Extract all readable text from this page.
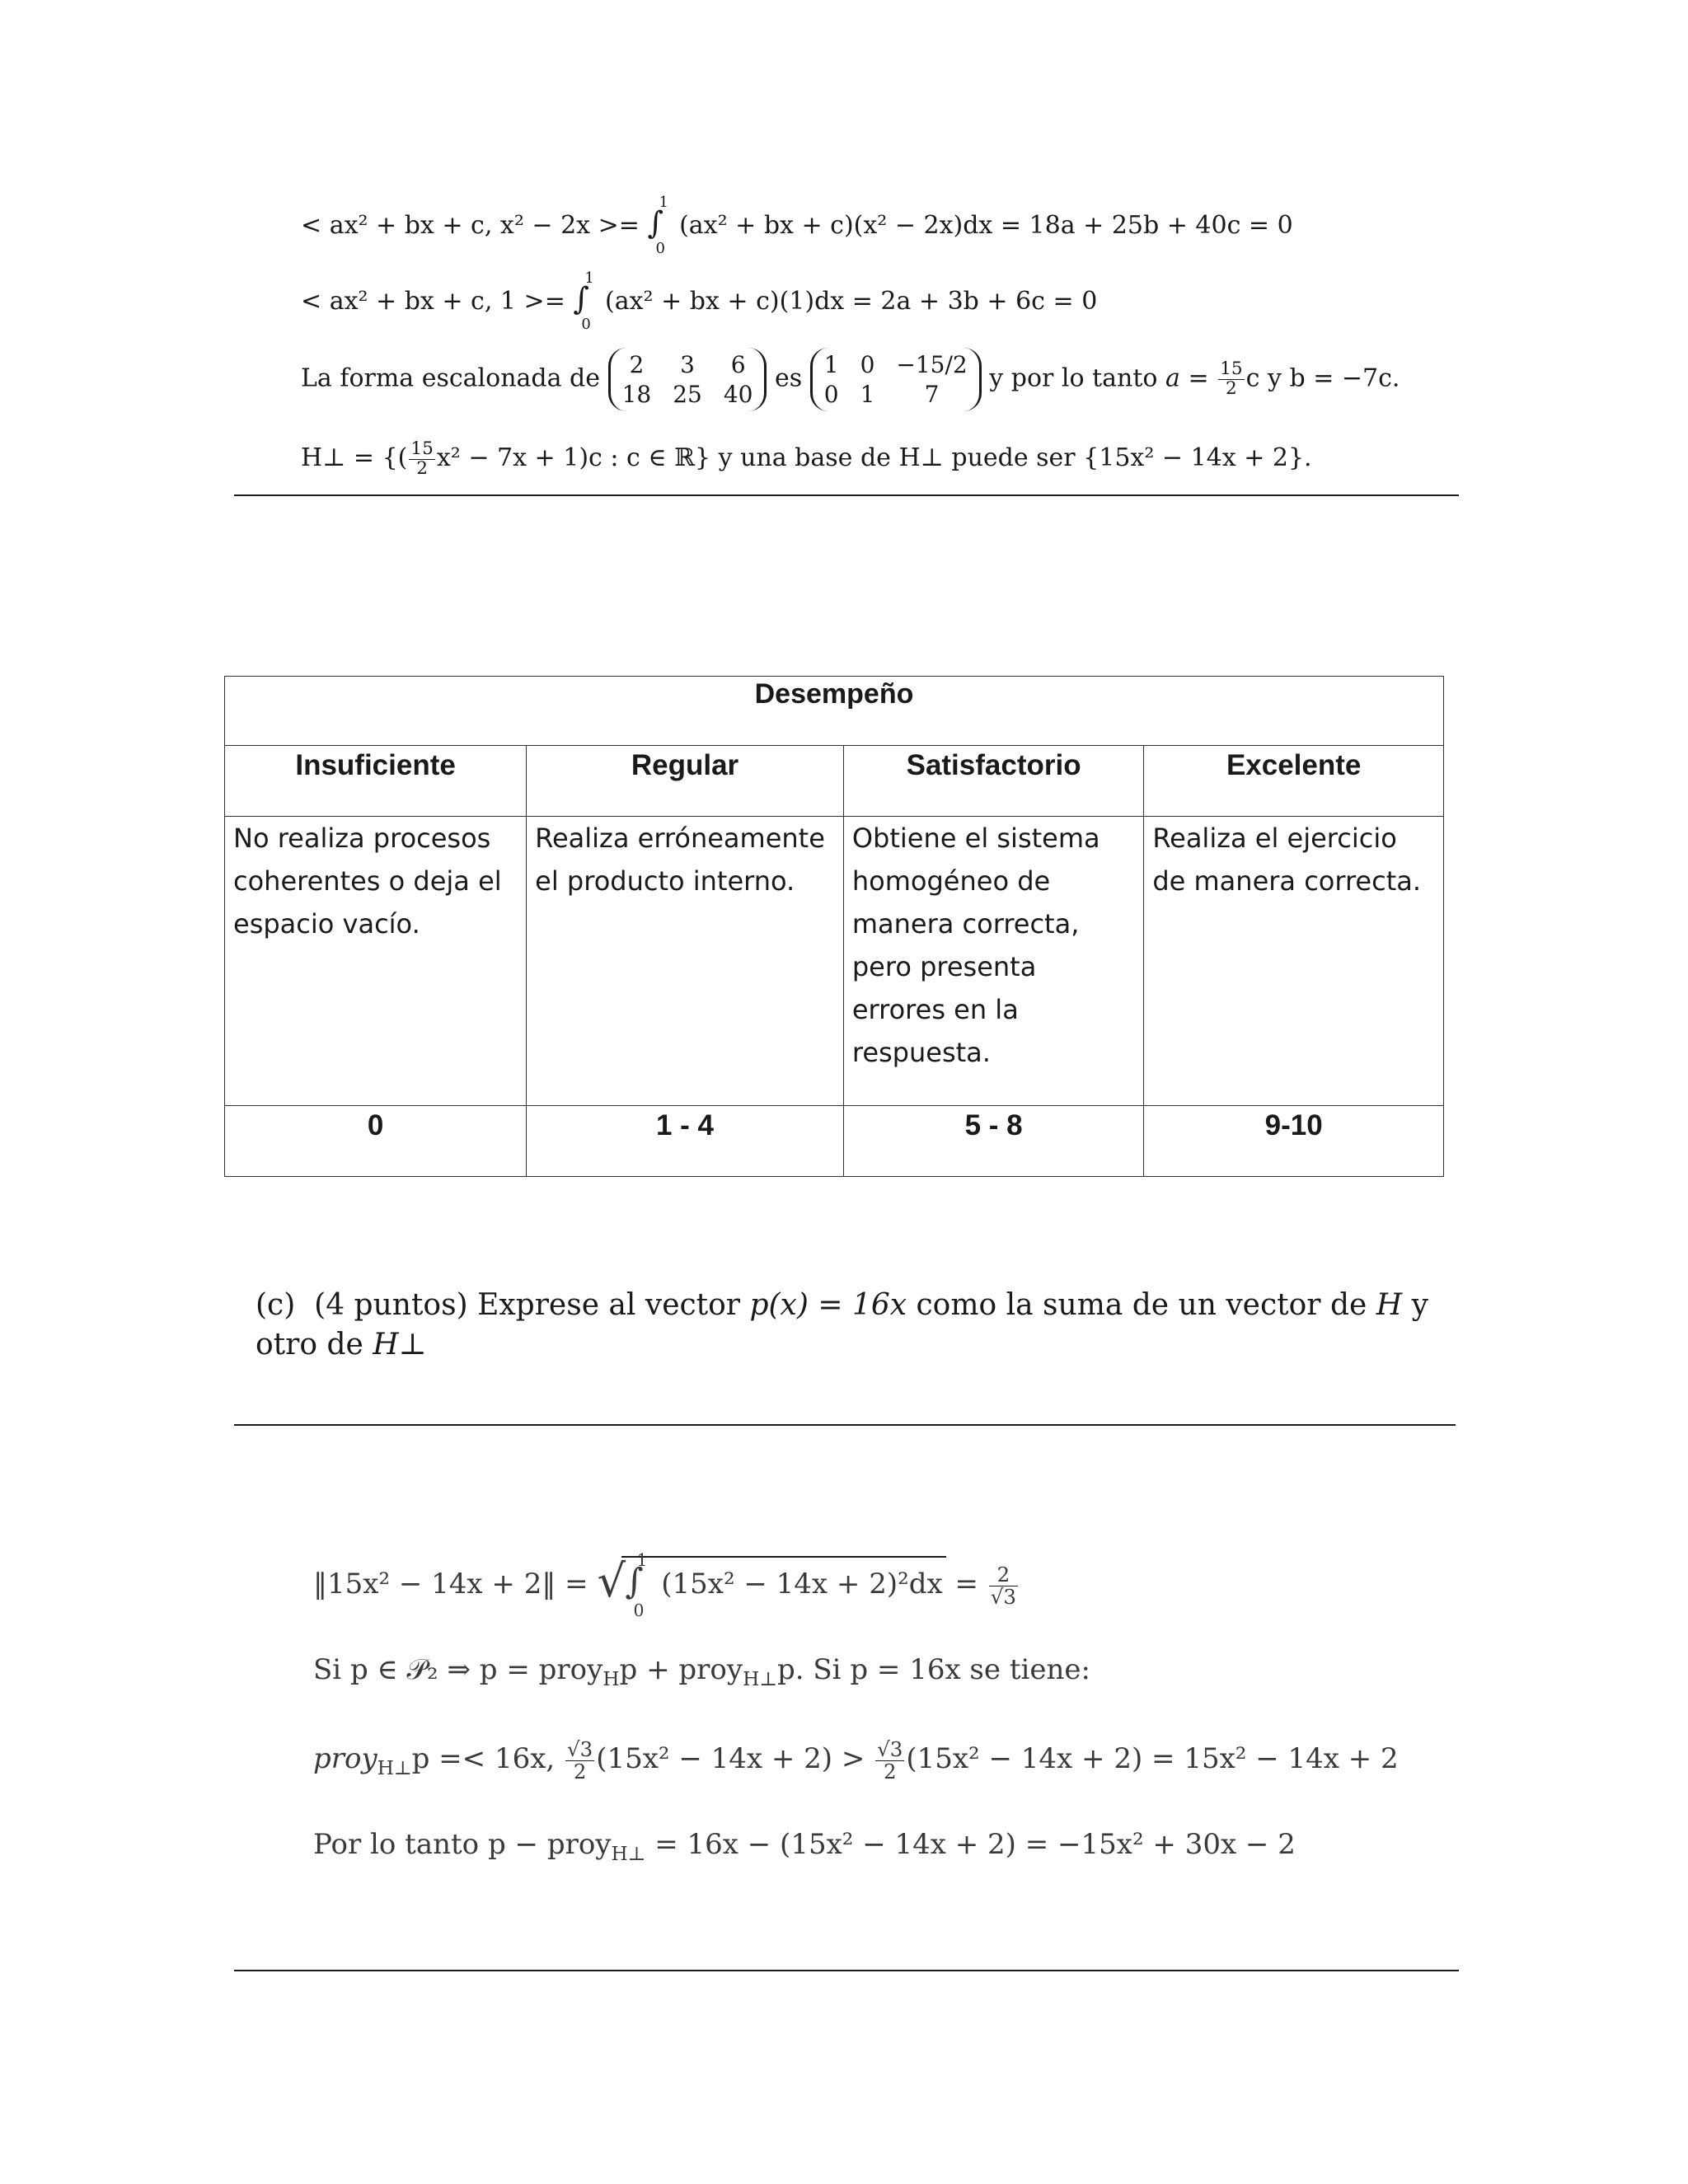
< ax² + bx + c, x² − 2x >= ∫
1
0
(ax² + bx + c)(x² − 2x)dx = 18a + 25b + 40c = 0
< ax² + bx + c, 1 >= ∫
1
0
(ax² + bx + c)(1)dx = 2a + 3b + 6c = 0
La forma escalonada de	2	3	6
18 25 40
es 1 0 −15/2
0 1	7
y por lo tanto $a = \frac{15}{2}$ c y b = −7c.
H⊥ = {( $\frac{15}{2} x^2 - 7x + 1)c$ : c ∈ ℝ} y una base de H⊥ puede ser {15x² − 14x + 2}.
Desempeño			
Insuficiente	Regular	Satisfactorio	Excelente
No realiza procesos coherentes o deja el espacio vacío.	Realiza erróneamente el producto interno.	Obtiene el sistema homogéneo de manera correcta, pero presenta errores en la respuesta.	Realiza el ejercicio de manera correcta.
0	1 - 4	5 - 8	9-10
(c) (4 puntos) Exprese al vector p(x) = 16x como la suma de un vector de H y otro de H⊥
‖15x² − 14x + 2‖ = √ ∫
1
0
$(15x^2 - 14x + 2)^2dx = \frac{2}{√3}$
Si p ∈ 𝒫₂ ⇒ p = proy$_H$p + proy$_{H\perp}$p. Si p = 16x se tiene:
proy$_{H\perp}$p =< 16x, $\frac{√3}{2} (15x^2 - 14x + 2) > \frac{√3}{2} (15x^2 - 14x + 2) = 15x^2 - 14x + 2$
Por lo tanto p − proy$_{H\perp}$ = 16x − (15x² − 14x + 2) = −15x² + 30x − 2
